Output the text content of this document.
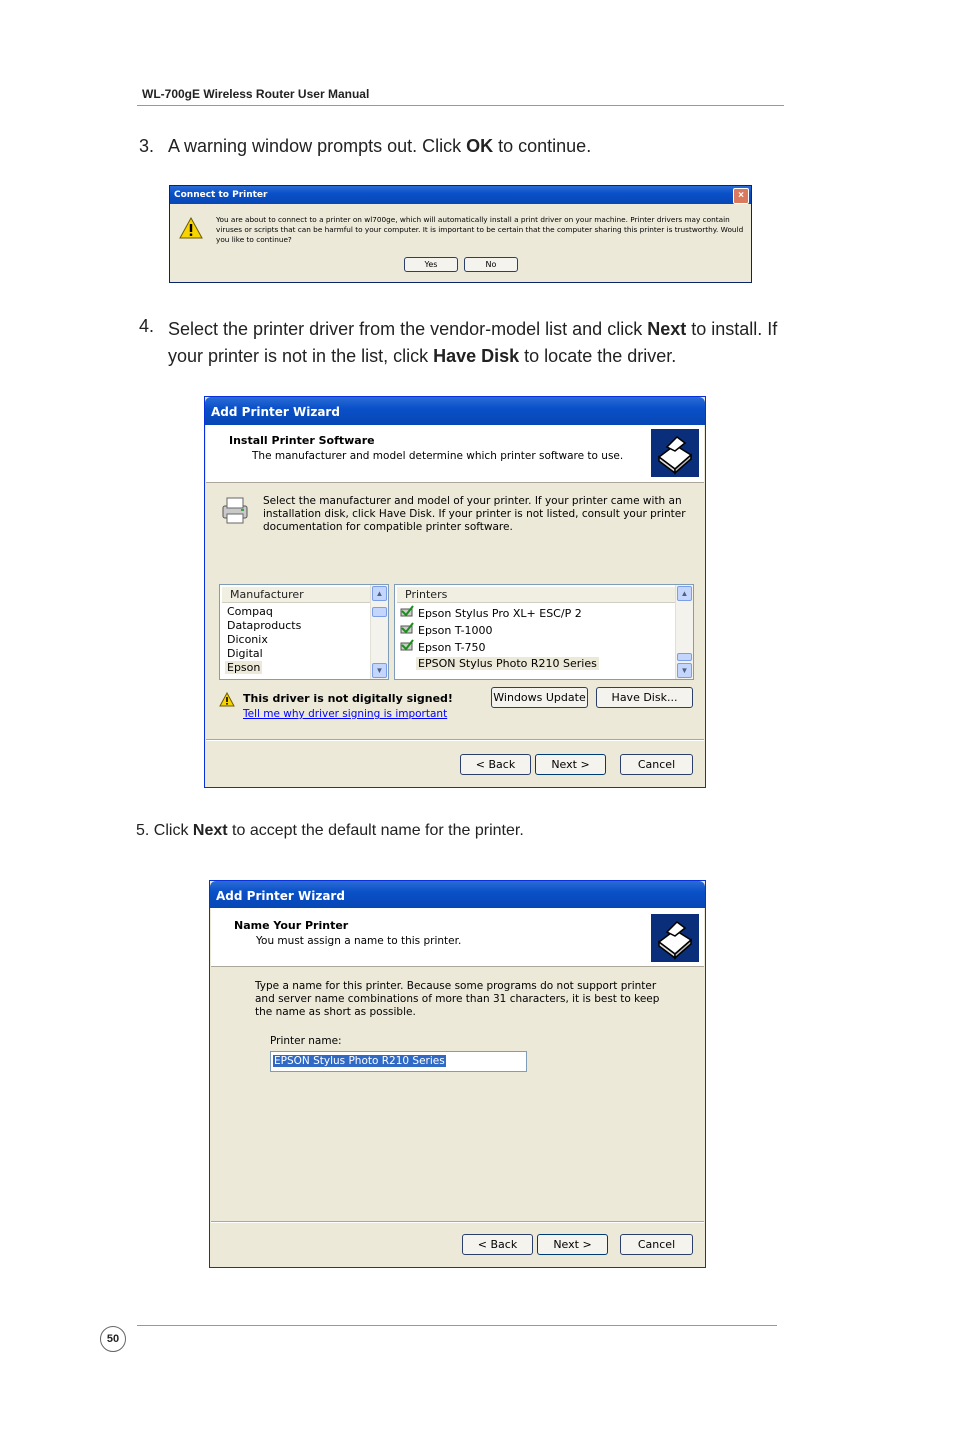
WL-700gE Wireless Router User Manual
3. A warning window prompts out. Click OK to continue.
Connect to Printer	×
You are about to connect to a printer on wl700ge, which will automatically install a print driver on your machine. Printer drivers may contain viruses or scripts that can be harmful to your computer. It is important to be certain that the computer sharing this printer is trustworthy. Would you like to continue?
Yes	No
4. Select the printer driver from the vendor-model list and click Next to install. If your printer is not in the list, click Have Disk to locate the driver.
Add Printer Wizard
Install Printer Software
The manufacturer and model determine which printer software to use.
Select the manufacturer and model of your printer. If your printer came with an installation disk, click Have Disk. If your printer is not listed, consult your printer documentation for compatible printer software.
Manufacturer
Compaq
Dataproducts
Diconix
Digital
Epson
▲
▼
Printers
Epson Stylus Pro XL+ ESC/P 2
Epson T-1000
Epson T-750
EPSON Stylus Photo R210 Series
▲
▼
This driver is not digitally signed!
Tell me why driver signing is important
Windows Update	Have Disk...
< Back	Next >	Cancel
5. Click Next to accept the default name for the printer.
Add Printer Wizard
Name Your Printer
You must assign a name to this printer.
Type a name for this printer. Because some programs do not support printer and server name combinations of more than 31 characters, it is best to keep the name as short as possible.
Printer name:
EPSON Stylus Photo R210 Series
< Back	Next >	Cancel
50
